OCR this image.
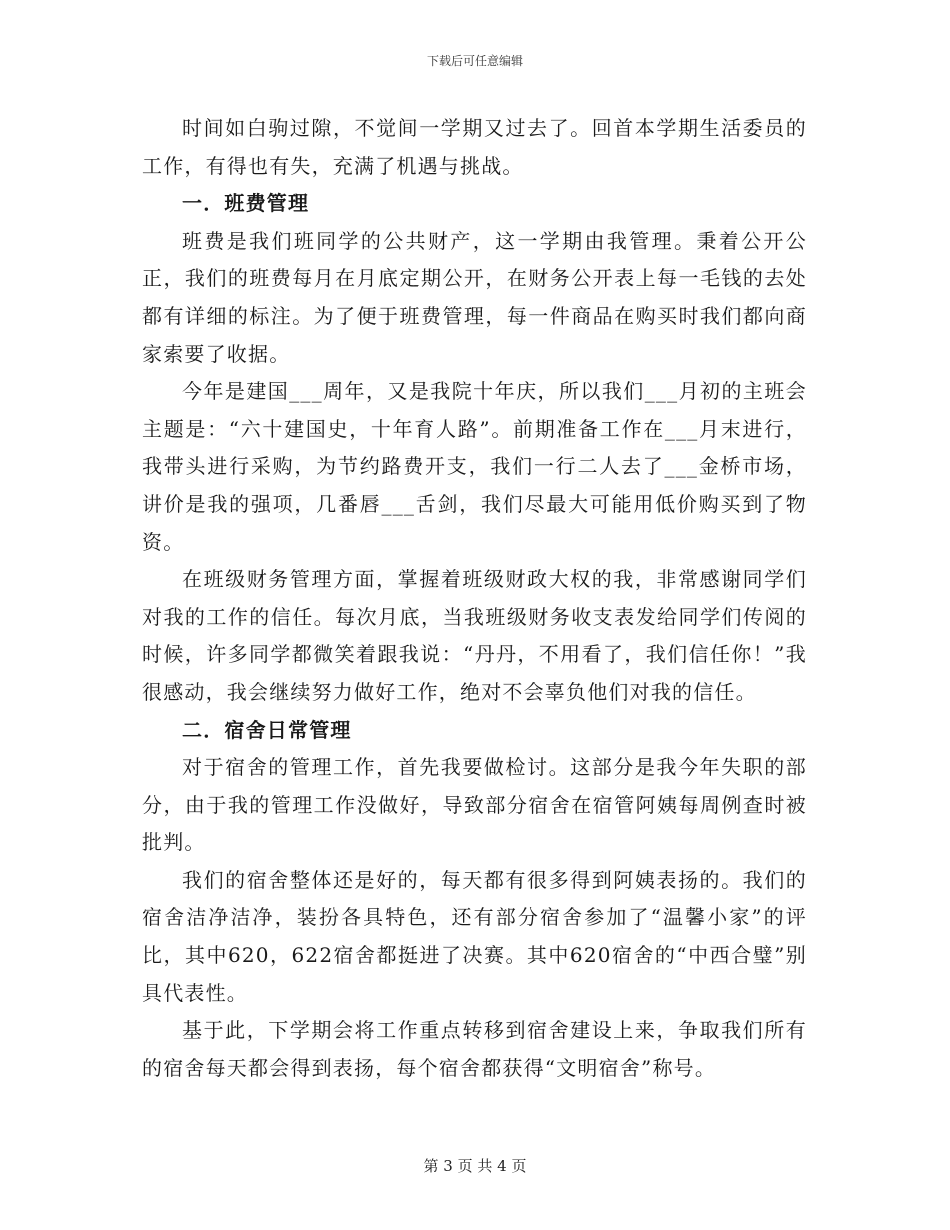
下载后可任意编辑

时间如白驹过隙，不觉间一学期又过去了。回首本学期生活委员的工作，有得也有失，充满了机遇与挑战。

一．班费管理

班费是我们班同学的公共财产，这一学期由我管理。秉着公开公正，我们的班费每月在月底定期公开，在财务公开表上每一毛钱的去处都有详细的标注。为了便于班费管理，每一件商品在购买时我们都向商家索要了收据。

今年是建国___周年，又是我院十年庆，所以我们___月初的主班会主题是：“六十建国史，十年育人路”。前期准备工作在___月末进行，我带头进行采购，为节约路费开支，我们一行二人去了___金桥市场，讲价是我的强项，几番唇___舌剑，我们尽最大可能用低价购买到了物资。

在班级财务管理方面，掌握着班级财政大权的我，非常感谢同学们对我的工作的信任。每次月底，当我班级财务收支表发给同学们传阅的时候，许多同学都微笑着跟我说：“丹丹，不用看了，我们信任你！”我很感动，我会继续努力做好工作，绝对不会辜负他们对我的信任。

二．宿舍日常管理

对于宿舍的管理工作，首先我要做检讨。这部分是我今年失职的部分，由于我的管理工作没做好，导致部分宿舍在宿管阿姨每周例查时被批判。

我们的宿舍整体还是好的，每天都有很多得到阿姨表扬的。我们的宿舍洁净洁净，装扮各具特色，还有部分宿舍参加了“温馨小家”的评比，其中620，622宿舍都挺进了决赛。其中620宿舍的“中西合璧”别具代表性。

基于此，下学期会将工作重点转移到宿舍建设上来，争取我们所有的宿舍每天都会得到表扬，每个宿舍都获得“文明宿舍”称号。

第 3 页 共 4 页
